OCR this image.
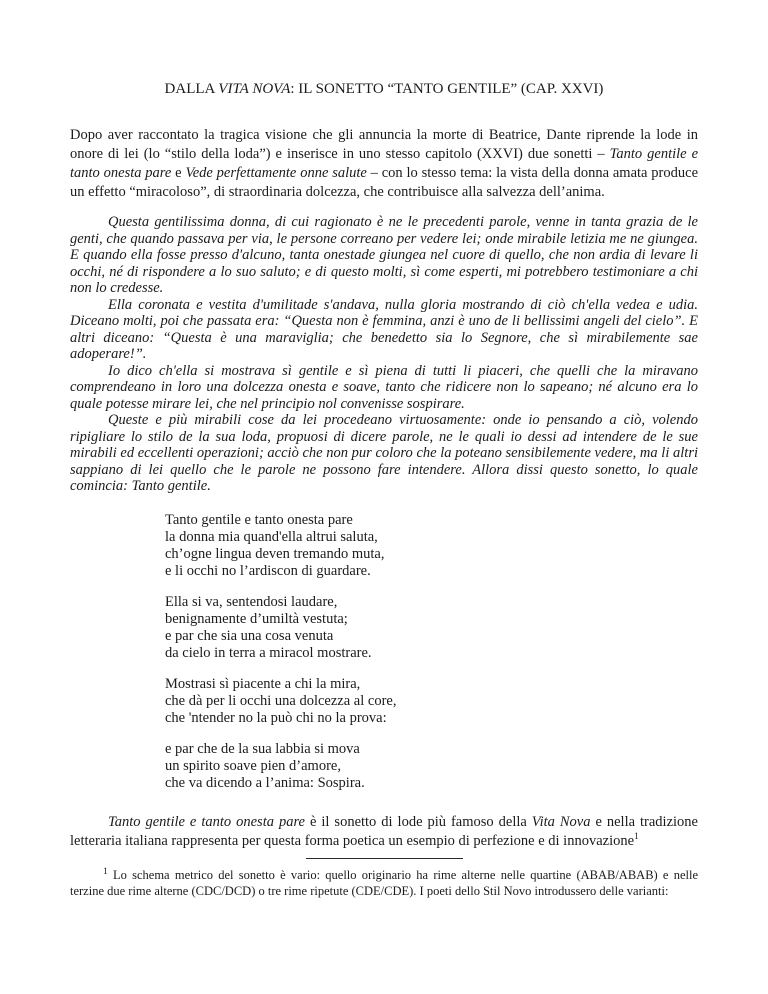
DALLA VITA NOVA: IL SONETTO “TANTO GENTILE” (CAP. XXVI)

Dopo aver raccontato la tragica visione che gli annuncia la morte di Beatrice, Dante riprende la lode in onore di lei (lo “stilo della loda”) e inserisce in uno stesso capitolo (XXVI) due sonetti – Tanto gentile e tanto onesta pare e Vede perfettamente onne salute – con lo stesso tema: la vista della donna amata produce un effetto “miracoloso”, di straordinaria dolcezza, che contribuisce alla salvezza dell’anima.

Questa gentilissima donna, di cui ragionato è ne le precedenti parole, venne in tanta grazia de le genti, che quando passava per via, le persone correano per vedere lei; onde mirabile letizia me ne giungea. E quando ella fosse presso d'alcuno, tanta onestade giungea nel cuore di quello, che non ardia di levare li occhi, né di rispondere a lo suo saluto; e di questo molti, sì come esperti, mi potrebbero testimoniare a chi non lo credesse.

Ella coronata e vestita d'umilitade s'andava, nulla gloria mostrando di ciò ch'ella vedea e udia. Diceano molti, poi che passata era: “Questa non è femmina, anzi è uno de li bellissimi angeli del cielo”. E altri diceano: “Questa è una maraviglia; che benedetto sia lo Segnore, che sì mirabilemente sae adoperare!”.

Io dico ch'ella si mostrava sì gentile e sì piena di tutti li piaceri, che quelli che la miravano comprendeano in loro una dolcezza onesta e soave, tanto che ridicere non lo sapeano; né alcuno era lo quale potesse mirare lei, che nel principio nol convenisse sospirare.

Queste e più mirabili cose da lei procedeano virtuosamente: onde io pensando a ciò, volendo ripigliare lo stilo de la sua loda, propuosi di dicere parole, ne le quali io dessi ad intendere de le sue mirabili ed eccellenti operazioni; acciò che non pur coloro che la poteano sensibilemente vedere, ma li altri sappiano di lei quello che le parole ne possono fare intendere. Allora dissi questo sonetto, lo quale comincia: Tanto gentile.

Tanto gentile e tanto onesta pare
la donna mia quand'ella altrui saluta,
ch’ogne lingua deven tremando muta,
e li occhi no l’ardiscon di guardare.
Ella si va, sentendosi laudare,
benignamente d’umiltà vestuta;
e par che sia una cosa venuta
da cielo in terra a miracol mostrare.
Mostrasi sì piacente a chi la mira,
che dà per li occhi una dolcezza al core,
che 'ntender no la può chi no la prova:
e par che de la sua labbia si mova
un spirito soave pien d’amore,
che va dicendo a l’anima: Sospira.

Tanto gentile e tanto onesta pare è il sonetto di lode più famoso della Vita Nova e nella tradizione letteraria italiana rappresenta per questa forma poetica un esempio di perfezione e di innovazione$^1$

$^1$ Lo schema metrico del sonetto è vario: quello originario ha rime alterne nelle quartine (ABAB/ABAB) e nelle terzine due rime alterne (CDC/DCD) o tre rime ripetute (CDE/CDE). I poeti dello Stil Novo introdussero delle varianti:
